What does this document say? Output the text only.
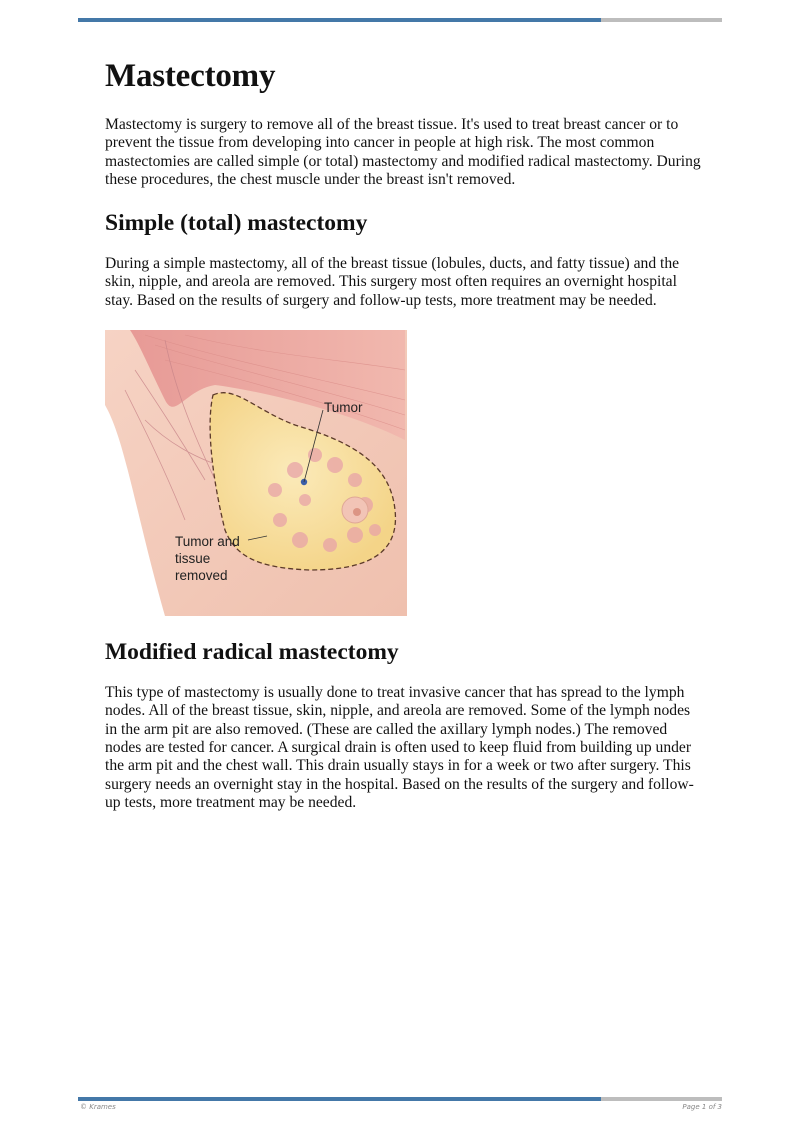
Mastectomy

Mastectomy is surgery to remove all of the breast tissue. It's used to treat breast cancer or to prevent the tissue from developing into cancer in people at high risk. The most common mastectomies are called simple (or total) mastectomy and modified radical mastectomy. During these procedures, the chest muscle under the breast isn't removed.

Simple (total) mastectomy

During a simple mastectomy, all of the breast tissue (lobules, ducts, and fatty tissue) and the skin, nipple, and areola are removed. This surgery most often requires an overnight hospital stay. Based on the results of surgery and follow-up tests, more treatment may be needed.

Tumor
Tumor and
tissue
removed
Modified radical mastectomy

This type of mastectomy is usually done to treat invasive cancer that has spread to the lymph nodes. All of the breast tissue, skin, nipple, and areola are removed. Some of the lymph nodes in the arm pit are also removed. (These are called the axillary lymph nodes.) The removed nodes are tested for cancer. A surgical drain is often used to keep fluid from building up under the arm pit and the chest wall. This drain usually stays in for a week or two after surgery. This surgery needs an overnight stay in the hospital. Based on the results of the surgery and follow-up tests, more treatment may be needed.

© Krames	Page 1 of 3
